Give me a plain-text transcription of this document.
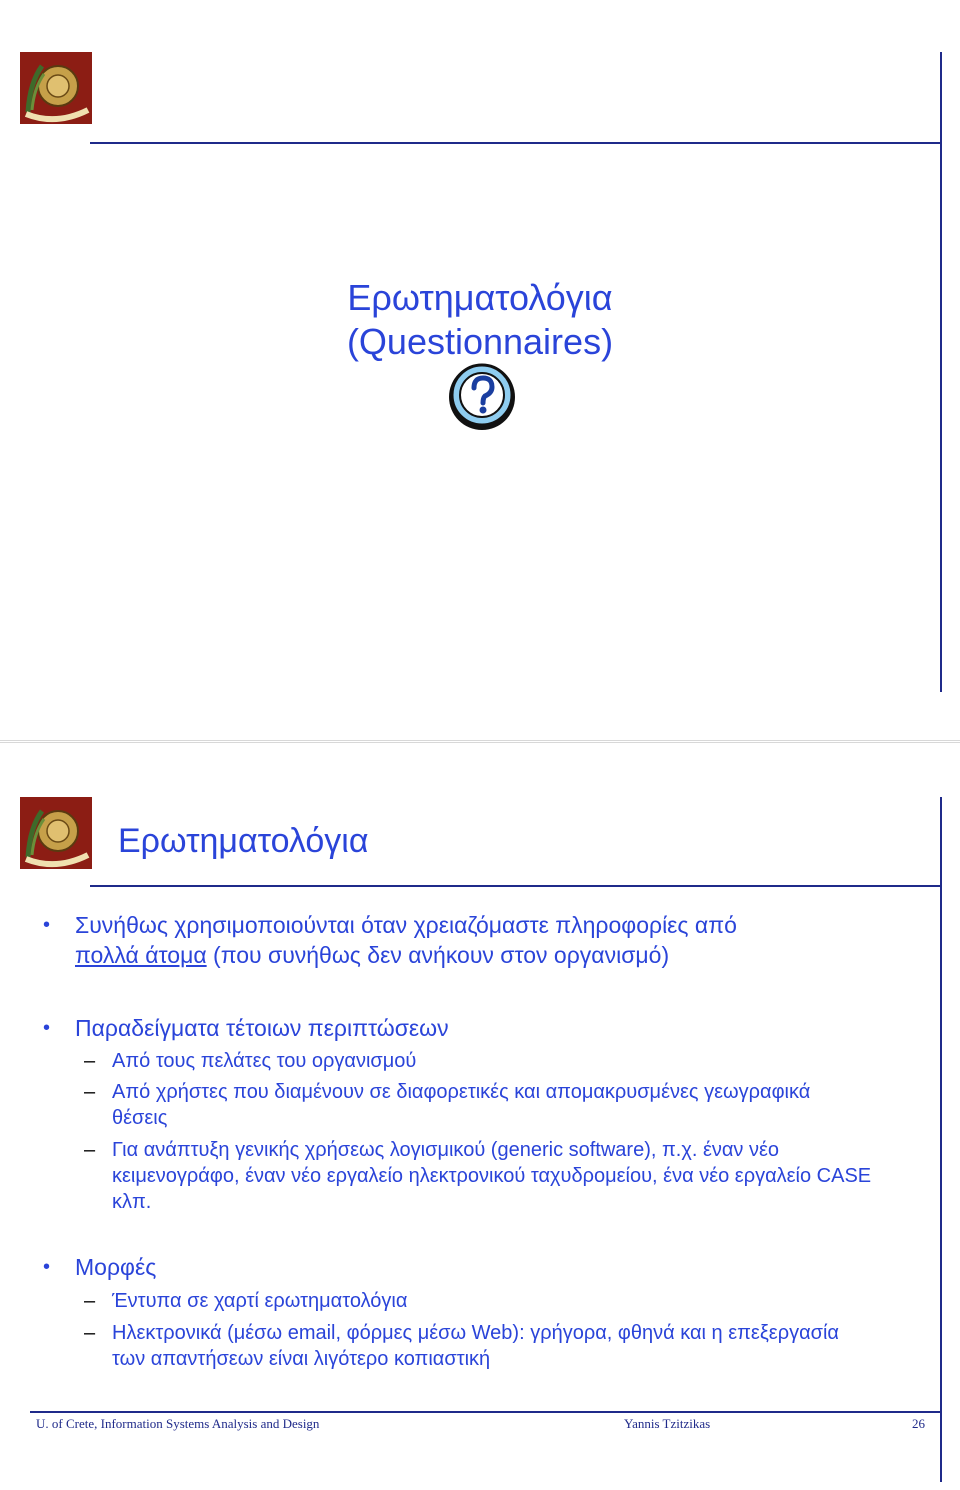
Ερωτηματολόγια
(Questionnaires)
Ερωτηματολόγια
• Συνήθως χρησιμοποιούνται όταν χρειαζόμαστε πληροφορίες από
πολλά άτομα (που συνήθως δεν ανήκουν στον οργανισμό)
• Παραδείγματα τέτοιων περιπτώσεων
– Από τους πελάτες του οργανισμού
– Από χρήστες που διαμένουν σε διαφορετικές και απομακρυσμένες γεωγραφικά θέσεις
– Για ανάπτυξη γενικής χρήσεως λογισμικού (generic software), π.χ. έναν νέο κειμενογράφο, έναν νέο εργαλείο ηλεκτρονικού ταχυδρομείου, ένα νέο εργαλείο CASE κλπ.
• Μορφές
– Έντυπα σε χαρτί ερωτηματολόγια
– Ηλεκτρονικά (μέσω email, φόρμες μέσω Web): γρήγορα, φθηνά και η επεξεργασία των απαντήσεων είναι λιγότερο κοπιαστική
U. of Crete, Information Systems Analysis and Design	Yannis Tzitzikas	26
